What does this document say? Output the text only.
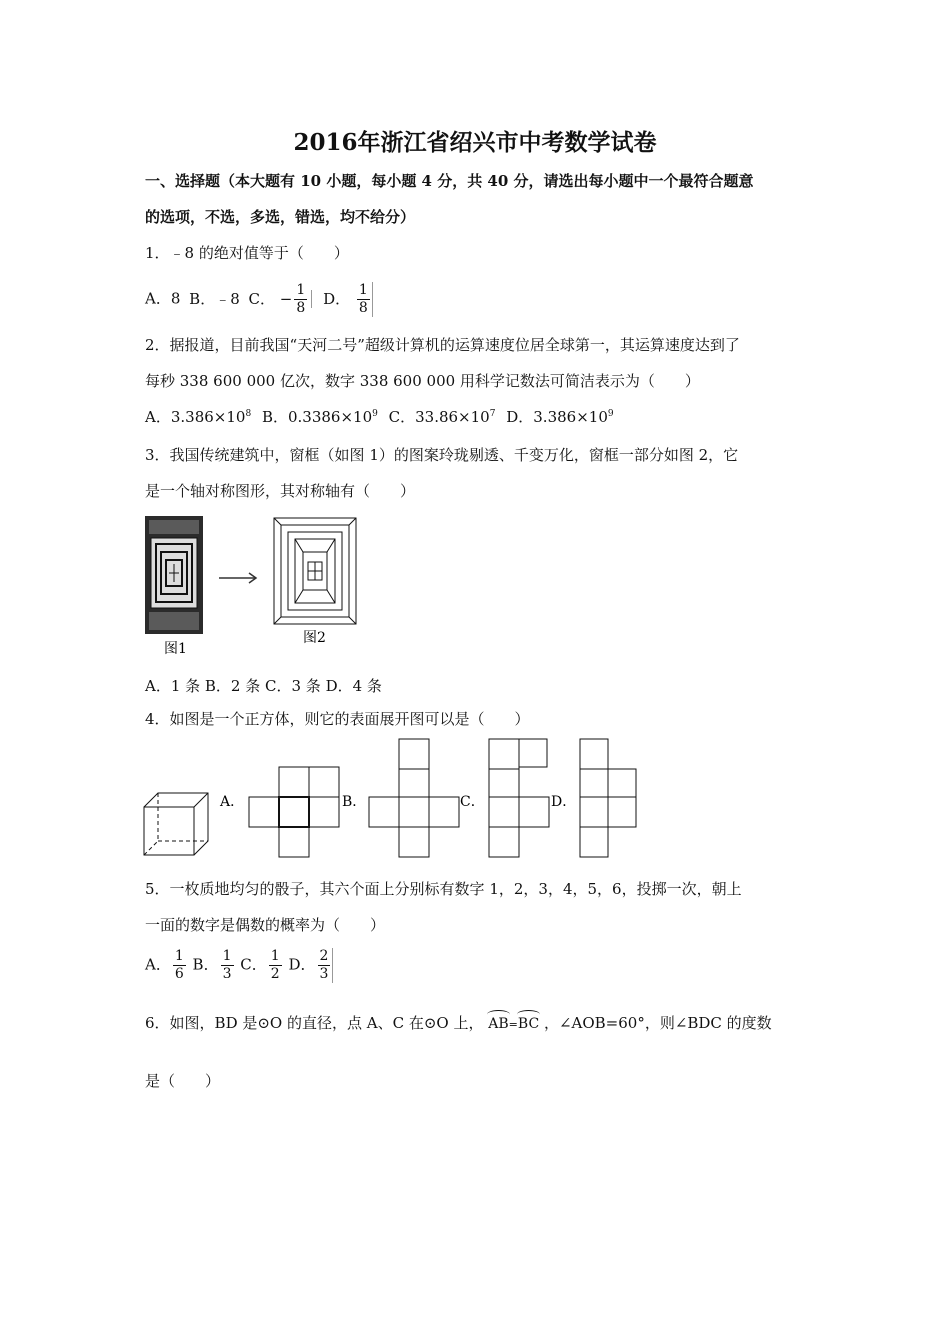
2016年浙江省绍兴市中考数学试卷
一、选择题（本大题有 10 小题，每小题 4 分，共 40 分，请选出每小题中一个最符合题意
的选项，不选，多选，错选，均不给分）
1．﹣8 的绝对值等于（　　）
A．8 B．﹣8 C． − $\frac{1}{8}$ D． $\frac{1}{8}$
2．据报道，目前我国“天河二号”超级计算机的运算速度位居全球第一，其运算速度达到了
每秒 338 600 000 亿次，数字 338 600 000 用科学记数法可简洁表示为（　　）
A．$3.386\times 10^8$ B．$0.3386\times 10^9$ C．$33.86\times 10^7$ D．$3.386\times 10^9$
3．我国传统建筑中，窗框（如图 1）的图案玲珑剔透、千变万化，窗框一部分如图 2，它
是一个轴对称图形，其对称轴有（　　）
图1
图2
A．1 条 B．2 条 C．3 条 D．4 条
4．如图是一个正方体，则它的表面展开图可以是（　　）
A．	B．	C．	D．
5．一枚质地均匀的骰子，其六个面上分别标有数字 1，2，3，4，5，6，投掷一次，朝上
一面的数字是偶数的概率为（　　）
A． $\frac{1}{6}$ B． $\frac{1}{3}$ C． $\frac{1}{2}$ D． $\frac{2}{3}$
6．如图，BD 是⊙O 的直径，点 A、C 在⊙O 上， AB=BC ，∠AOB=60°，则∠BDC 的度数
是（　　）
